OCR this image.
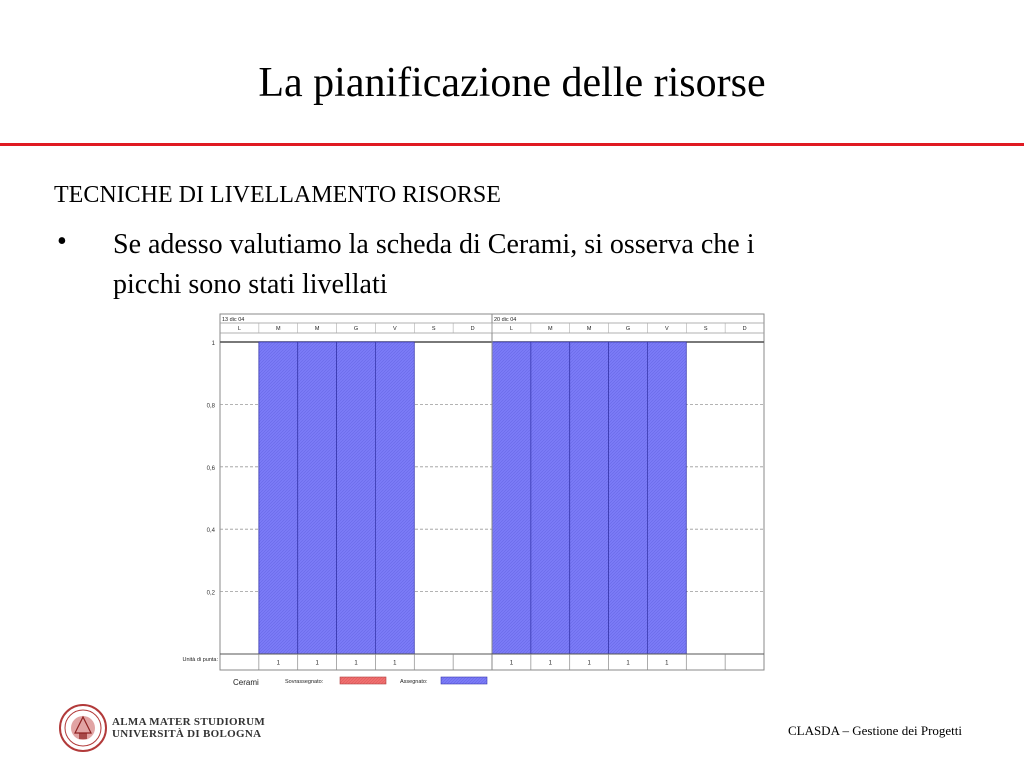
La pianificazione delle risorse
TECNICHE DI LIVELLAMENTO RISORSE
• Se adesso valutiamo la scheda di Cerami, si osserva che i
picchi sono stati livellati
13 dic 04	20 dic 04
L	M	M	G	V	S	D	L	M	M	G	V	S	D
1
0,8
0,6
0,4
0,2
Unità di punta:
1	1	1	1	1	1	1	1	1
Cerami	Sovrassegnato:	Assegnato:
ALMA MATER STUDIORUM
UNIVERSITÀ DI BOLOGNA	CLASDA – Gestione dei Progetti
